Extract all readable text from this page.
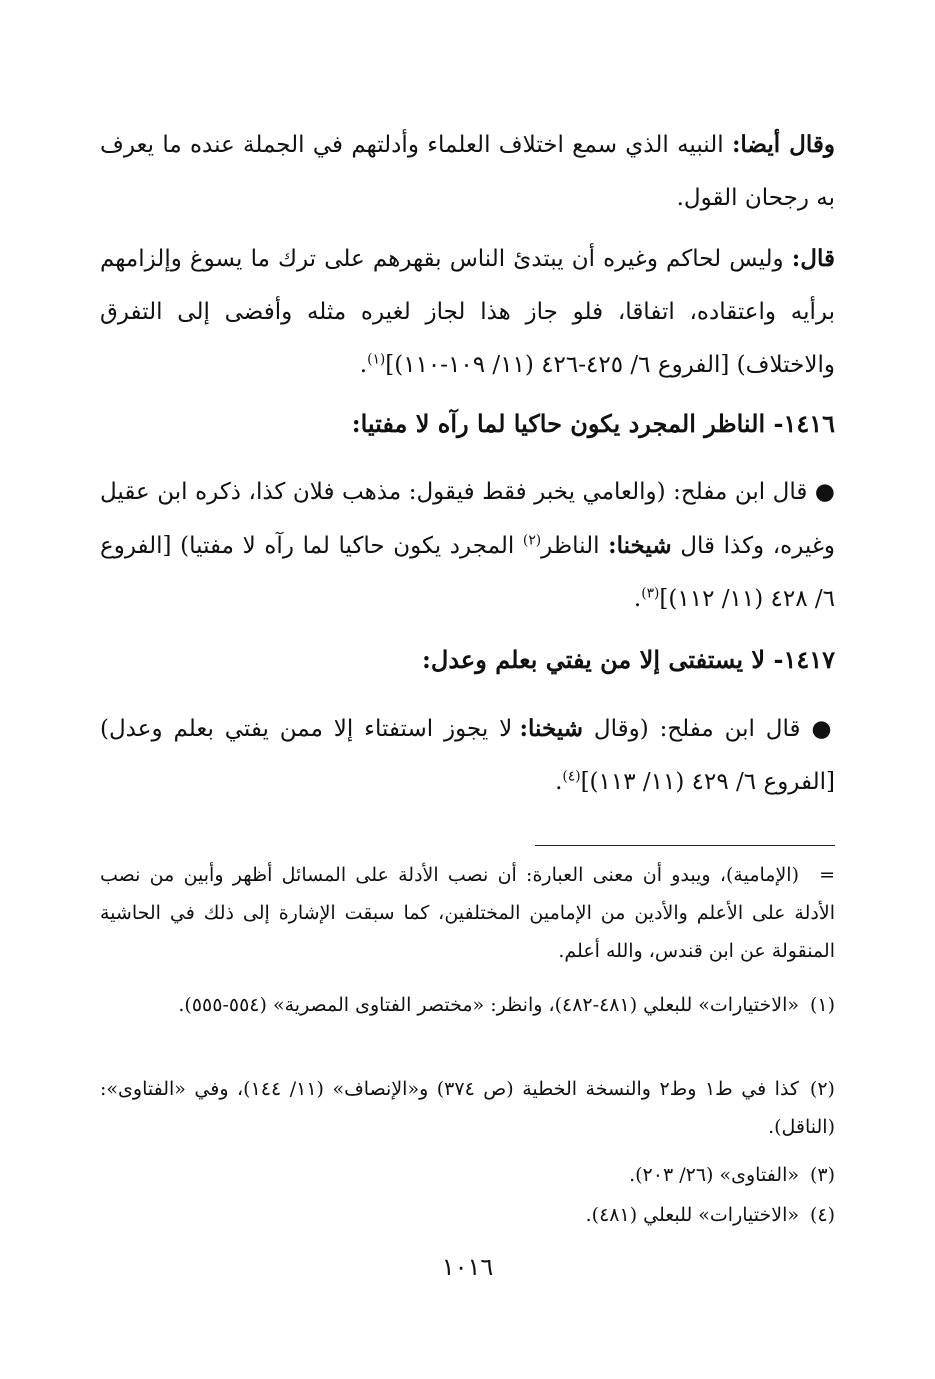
وقال أيضا: النبيه الذي سمع اختلاف العلماء وأدلتهم في الجملة عنده ما يعرف به رجحان القول.
قال: وليس لحاكم وغيره أن يبتدئ الناس بقهرهم على ترك ما يسوغ وإلزامهم برأيه واعتقاده، اتفاقا، فلو جاز هذا لجاز لغيره مثله وأفضى إلى التفرق والاختلاف) [الفروع ٦/ ٤٢٥-٤٢٦ (١١/ ١٠٩-١١٠)]$^{(١)}$.
١٤١٦- الناظر المجرد يكون حاكيا لما رآه لا مفتيا:
● قال ابن مفلح: (والعامي يخبر فقط فيقول: مذهب فلان كذا، ذكره ابن عقيل وغيره، وكذا قال شيخنا: الناظر$^{(٢)}$ المجرد يكون حاكيا لما رآه لا مفتيا) [الفروع ٦/ ٤٢٨ (١١/ ١١٢)]$^{(٣)}$.
١٤١٧- لا يستفتى إلا من يفتي بعلم وعدل:
● قال ابن مفلح: (وقال شيخنا: لا يجوز استفتاء إلا ممن يفتي بعلم وعدل) [الفروع ٦/ ٤٢٩ (١١/ ١١٣)]$^{(٤)}$.
=(الإمامية)، ويبدو أن معنى العبارة: أن نصب الأدلة على المسائل أظهر وأبين من نصب الأدلة على الأعلم والأدين من الإمامين المختلفين، كما سبقت الإشارة إلى ذلك في الحاشية المنقولة عن ابن قندس، والله أعلم.
(١)«الاختيارات» للبعلي (٤٨١-٤٨٢)، وانظر: «مختصر الفتاوى المصرية» (٥٥٤-٥٥٥).
(٢)كذا في ط١ وط٢ والنسخة الخطية (ص ٣٧٤) و«الإنصاف» (١١/ ١٤٤)، وفي «الفتاوى»: (الناقل).
(٣)«الفتاوى» (٢٦/ ٢٠٣).
(٤)«الاختيارات» للبعلي (٤٨١).
١٠١٦
